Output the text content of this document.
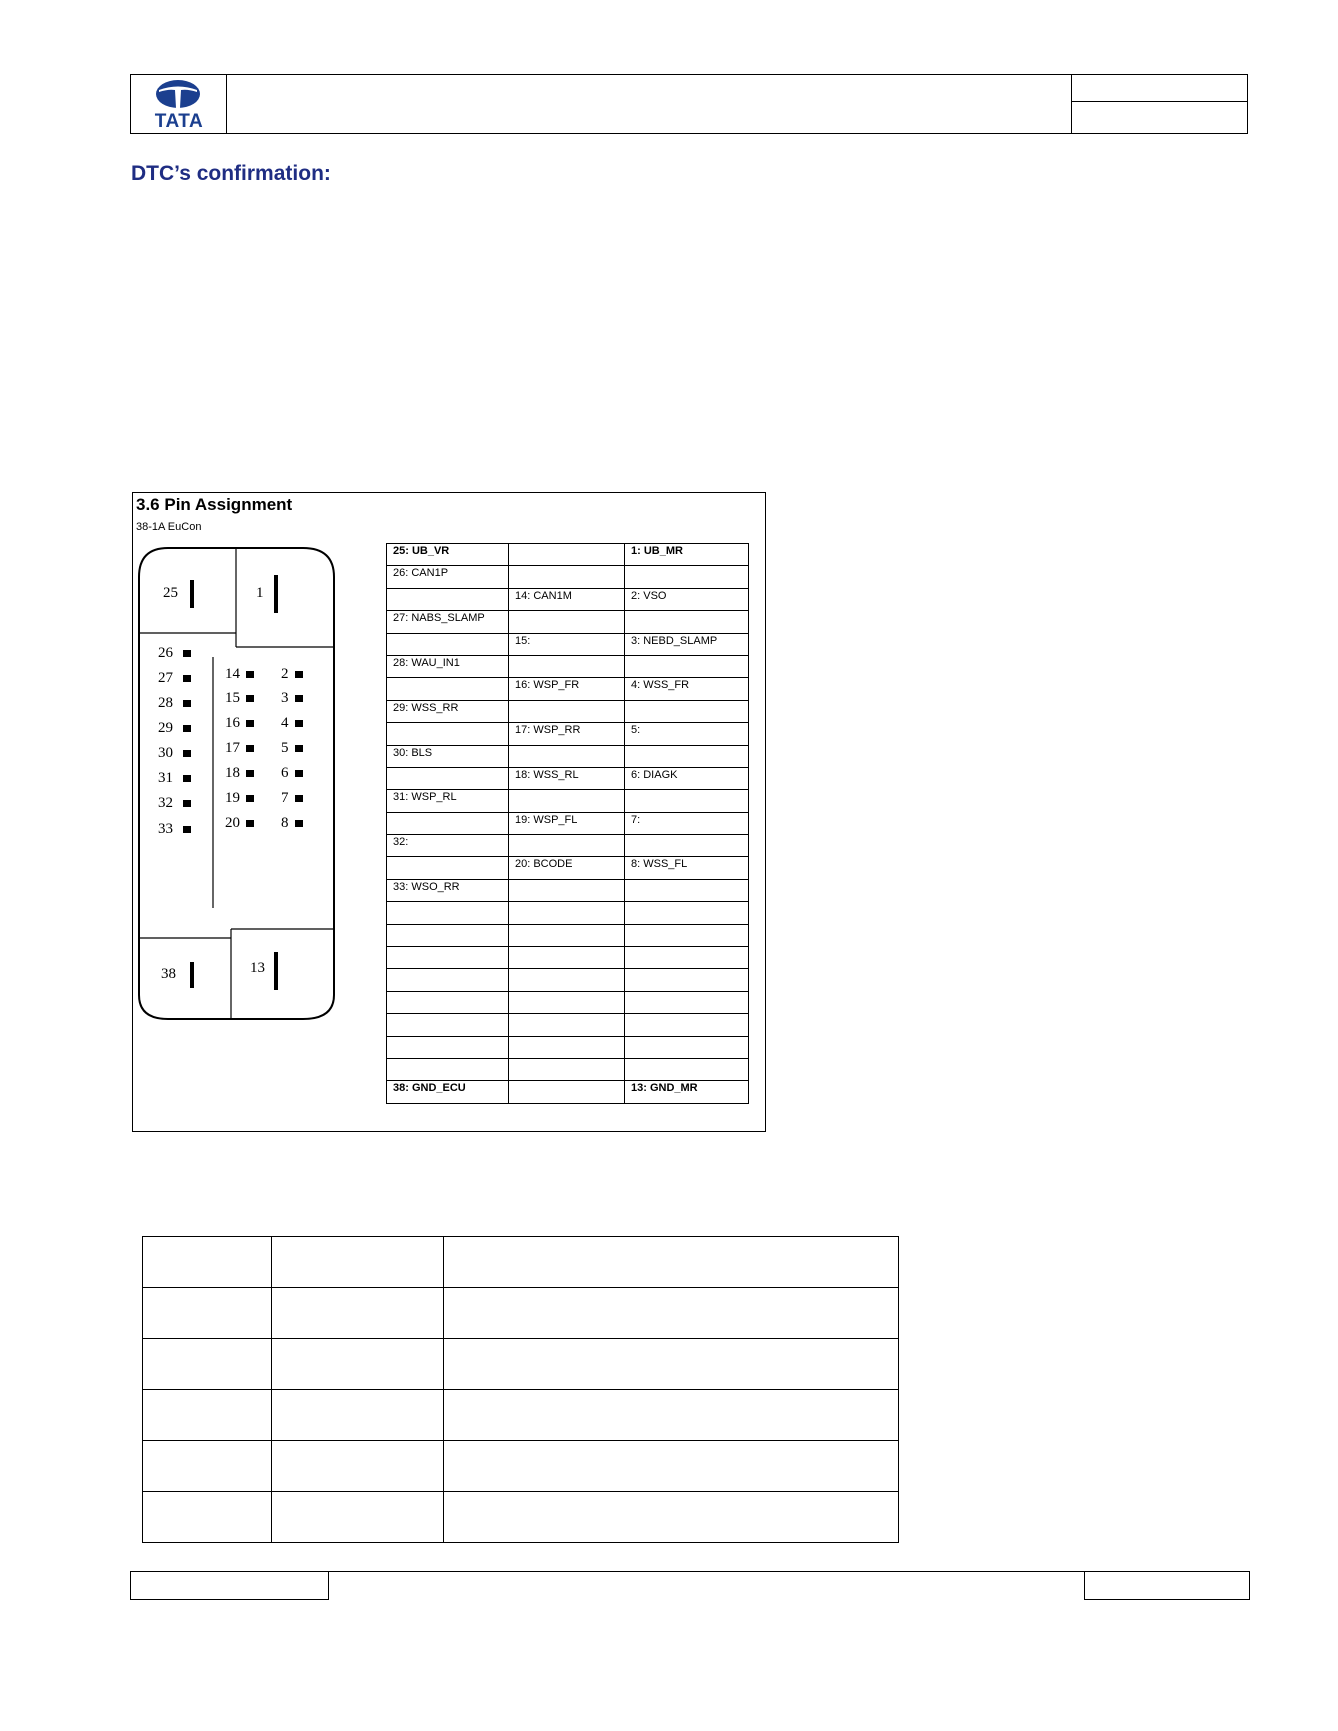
TATA
DTC’s confirmation:
3.6 Pin Assignment
38-1A EuCon
25	1
38	13
26
27
28
29
30
31
32
33
14
15
16
17
18
19
20
2
3
4
5
6
7
8
25: UB_VR		1: UB_MR
26: CAN1P		
	14: CAN1M	2: VSO
27: NABS_SLAMP		
	15:	3: NEBD_SLAMP
28: WAU_IN1		
	16: WSP_FR	4: WSS_FR
29: WSS_RR		
	17: WSP_RR	5:
30: BLS		
	18: WSS_RL	6: DIAGK
31: WSP_RL		
	19: WSP_FL	7:
32:		
	20: BCODE	8: WSS_FL
33: WSO_RR		

38: GND_ECU		13: GND_MR
